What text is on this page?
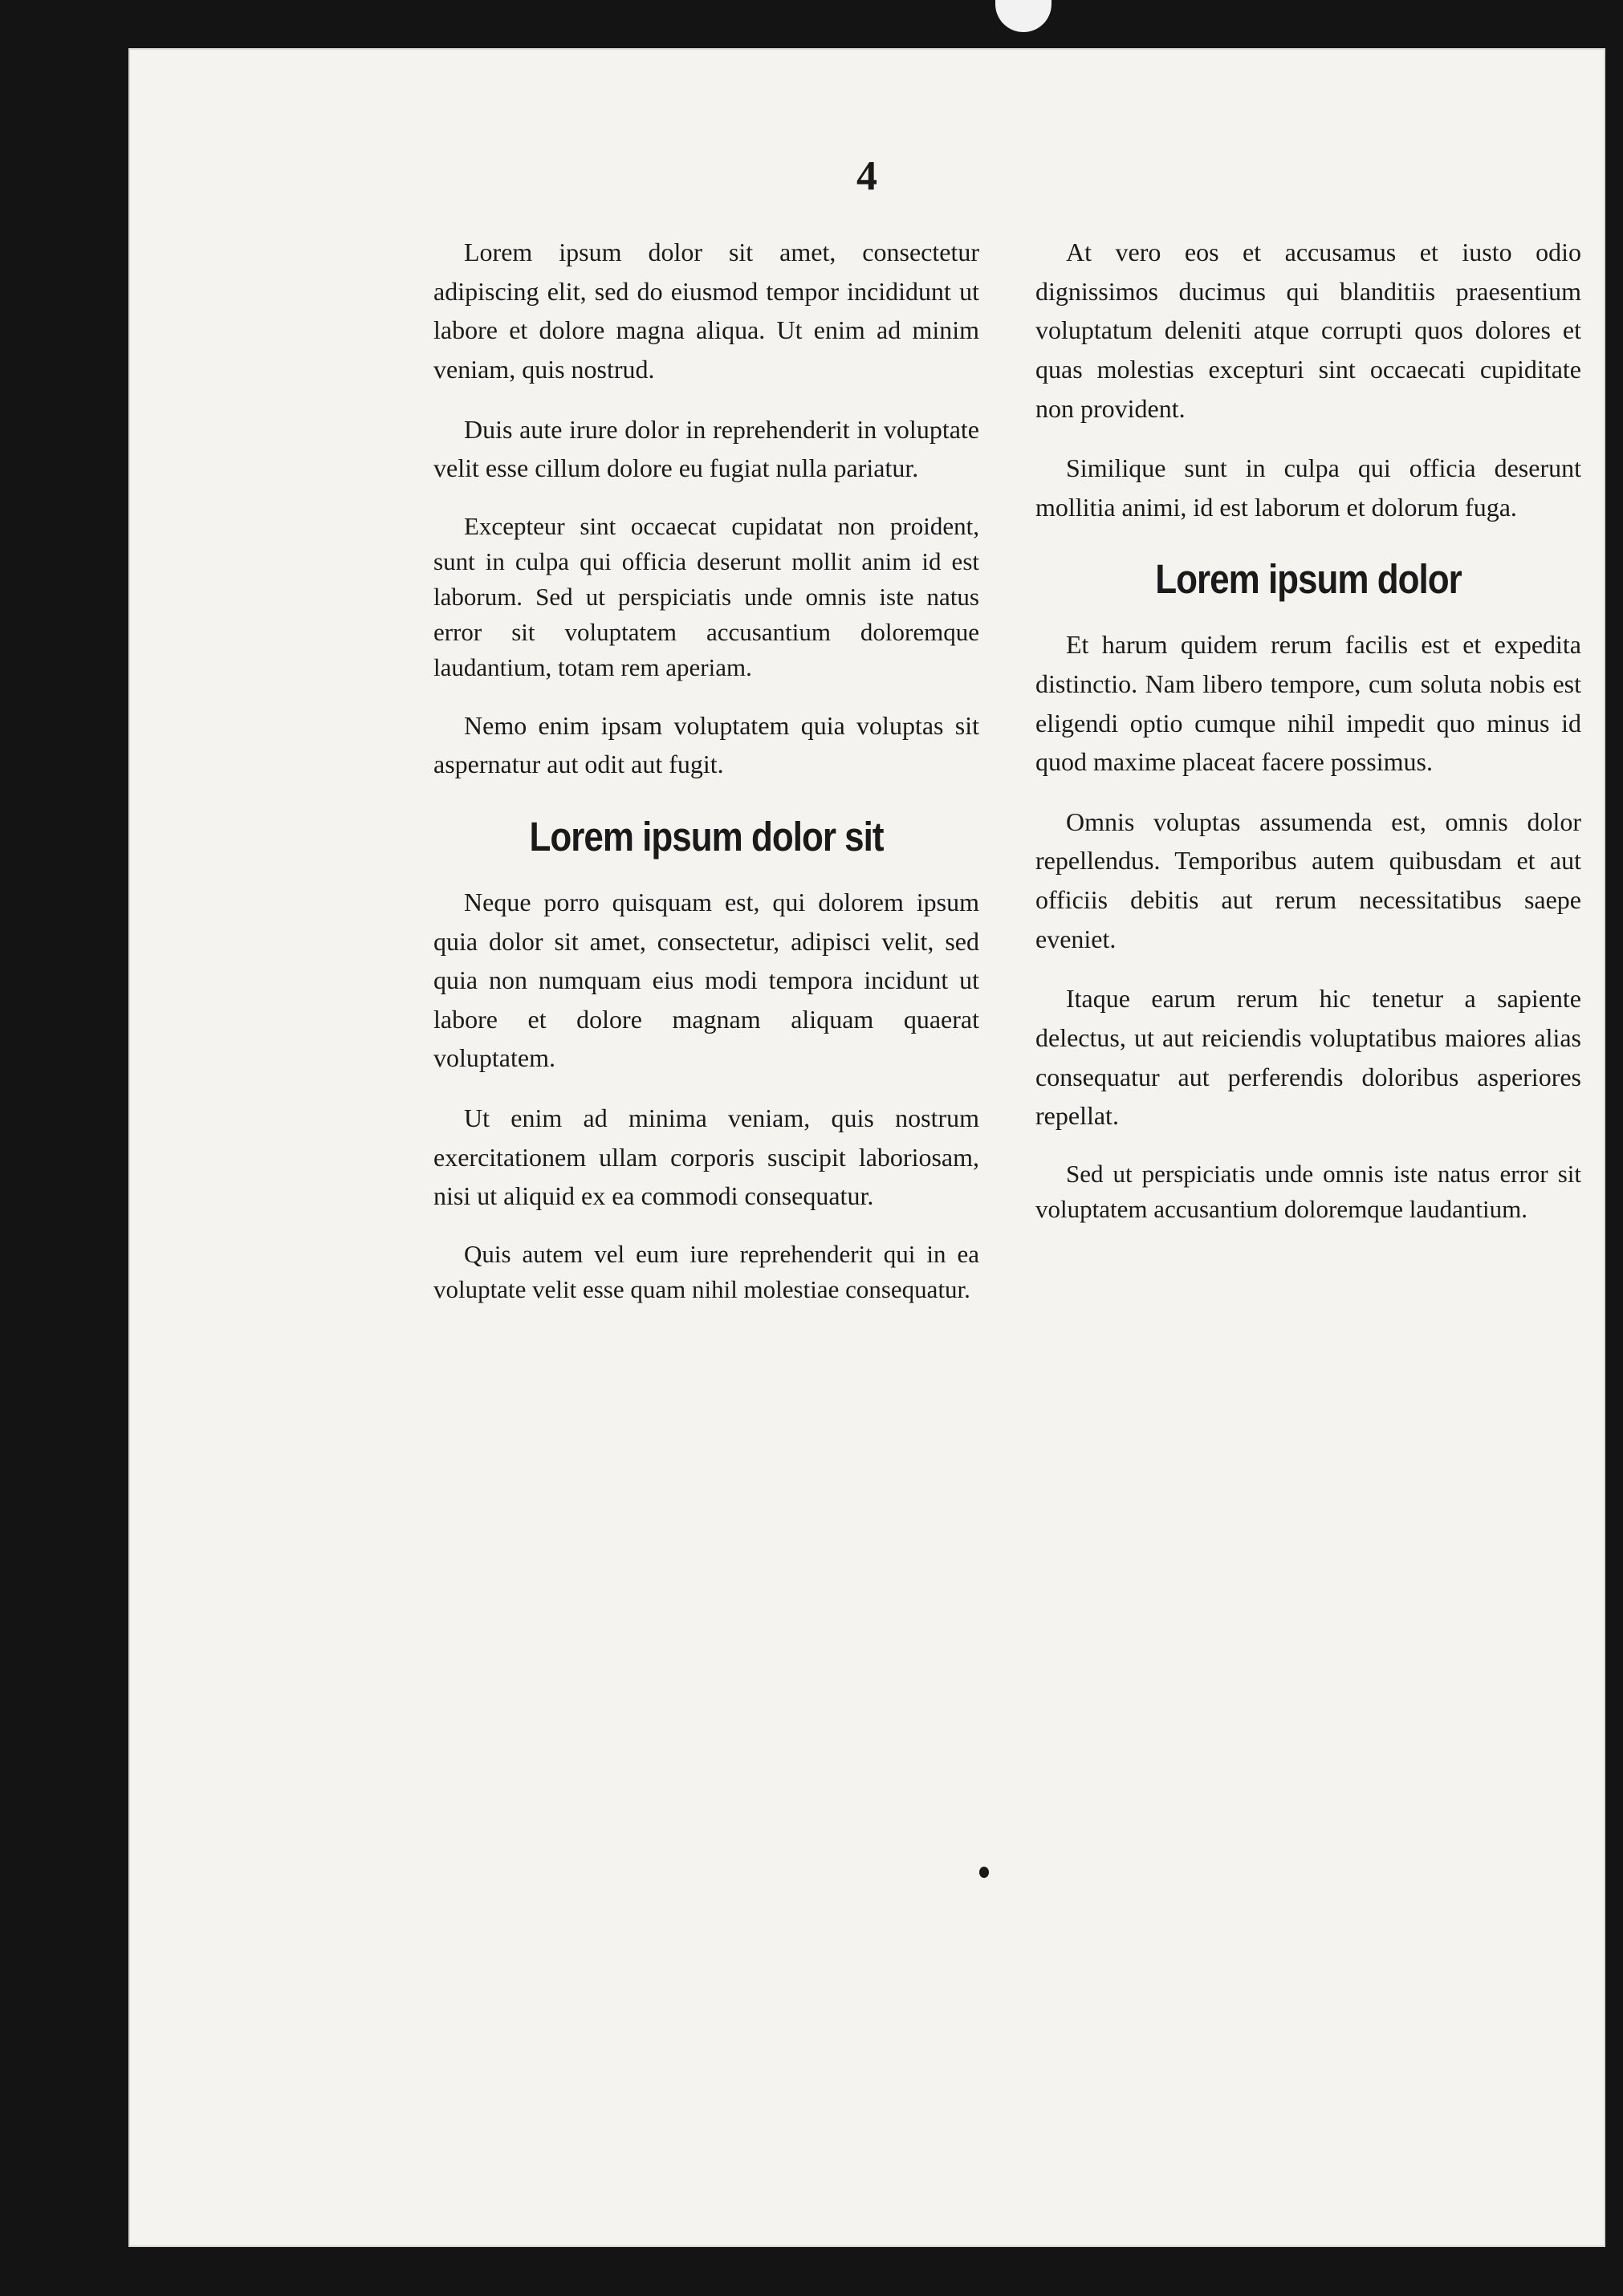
4

Lorem ipsum dolor sit amet, consectetur adipiscing elit, sed do eiusmod tempor incididunt ut labore et dolore magna aliqua. Ut enim ad minim veniam, quis nostrud.

Duis aute irure dolor in reprehenderit in voluptate velit esse cillum dolore eu fugiat nulla pariatur.

Excepteur sint occaecat cupidatat non proident, sunt in culpa qui officia deserunt mollit anim id est laborum. Sed ut perspiciatis unde omnis iste natus error sit voluptatem accusantium doloremque laudantium, totam rem aperiam.

Nemo enim ipsam voluptatem quia voluptas sit aspernatur aut odit aut fugit.

Lorem ipsum dolor sit

Neque porro quisquam est, qui dolorem ipsum quia dolor sit amet, consectetur, adipisci velit, sed quia non numquam eius modi tempora incidunt ut labore et dolore magnam aliquam quaerat voluptatem.

Ut enim ad minima veniam, quis nostrum exercitationem ullam corporis suscipit laboriosam, nisi ut aliquid ex ea commodi consequatur.

Quis autem vel eum iure reprehenderit qui in ea voluptate velit esse quam nihil molestiae consequatur.

At vero eos et accusamus et iusto odio dignissimos ducimus qui blanditiis praesentium voluptatum deleniti atque corrupti quos dolores et quas molestias excepturi sint occaecati cupiditate non provident.

Similique sunt in culpa qui officia deserunt mollitia animi, id est laborum et dolorum fuga.

Lorem ipsum dolor

Et harum quidem rerum facilis est et expedita distinctio. Nam libero tempore, cum soluta nobis est eligendi optio cumque nihil impedit quo minus id quod maxime placeat facere possimus.

Omnis voluptas assumenda est, omnis dolor repellendus. Temporibus autem quibusdam et aut officiis debitis aut rerum necessitatibus saepe eveniet.

Itaque earum rerum hic tenetur a sapiente delectus, ut aut reiciendis voluptatibus maiores alias consequatur aut perferendis doloribus asperiores repellat.

Sed ut perspiciatis unde omnis iste natus error sit voluptatem accusantium doloremque laudantium.
